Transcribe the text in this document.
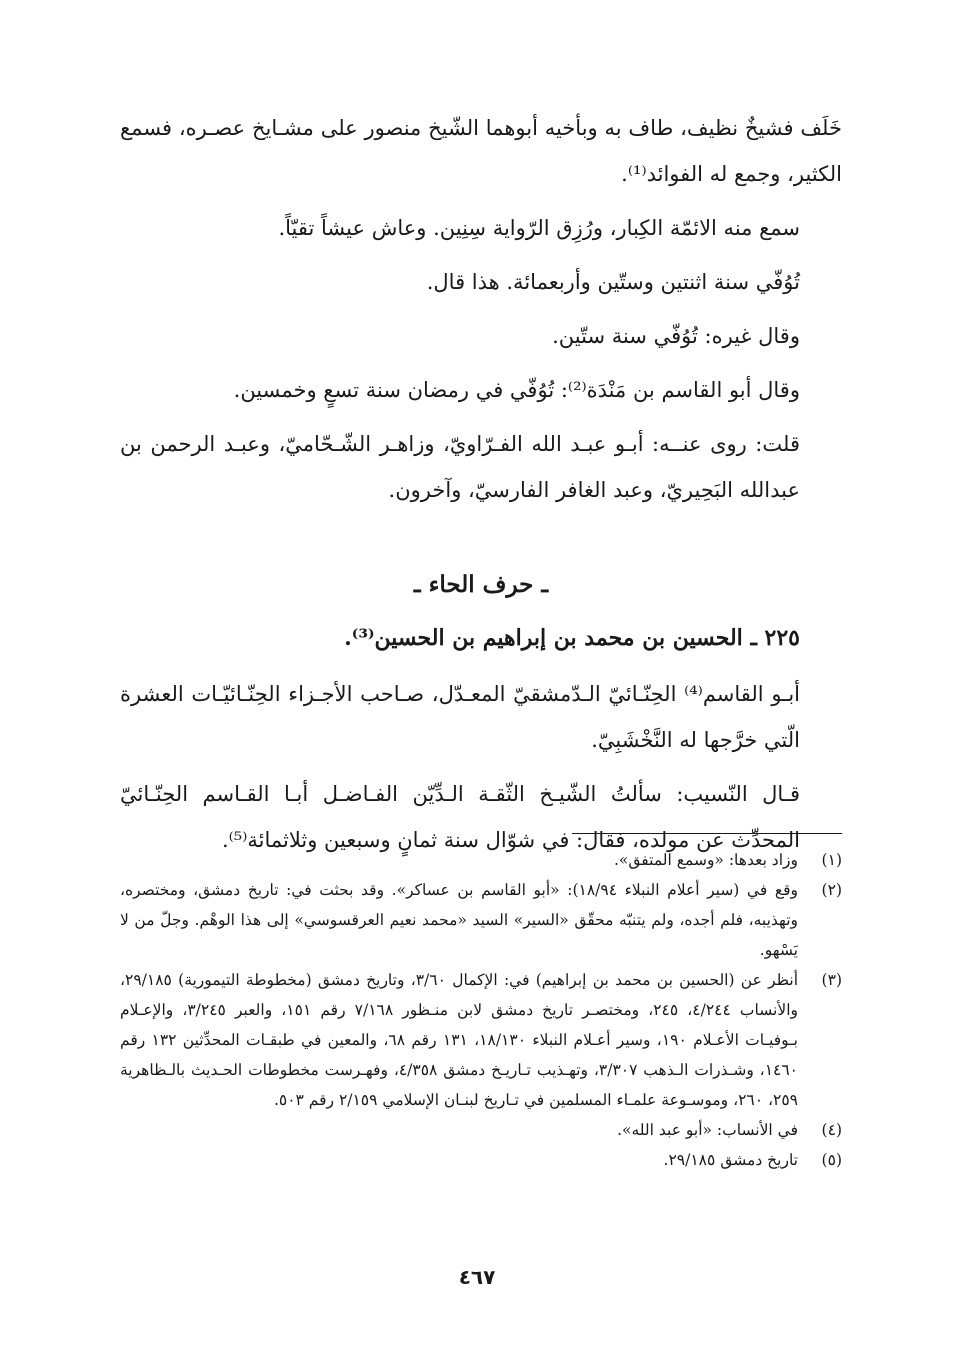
خَلَف فشيخٌ نظيف، طاف به وبأخيه أبوهما الشّيخ منصور على مشـايخ عصـره، فسمع الكثير، وجمع له الفوائد⁽¹⁾.

سمع منه الائمّة الكِبار، ورُزِق الرّواية سِنِين. وعاش عيشاً تقيّاً.

تُوُفّي سنة اثنتين وستّين وأربعمائة. هذا قال.

وقال غيره: تُوُفّي سنة ستّين.

وقال أبو القاسم بن مَنْدَة⁽²⁾: تُوُفّي في رمضان سنة تسعٍ وخمسين.

قلت: روى عنــه: أبـو عبـد الله الفـرّاويّ، وزاهـر الشّـحّاميّ، وعبـد الرحمن بن عبدالله البَحِيريّ، وعبد الغافر الفارسيّ، وآخرون.

ـ حرف الحاء ـ
٢٢٥ ـ الحسين بن محمد بن إبراهيم بن الحسين⁽³⁾.

أبـو القاسم⁽⁴⁾ الحِنّـائيّ الـدّمشقيّ المعـدّل، صـاحب الأجـزاء الحِنّـائيّـات العشرة الّتي خرَّجها له النَّخْشَبِيّ.

قـال النّسيب: سألتُ الشّيـخ الثّقـة الـدِّيّن الفـاضـل أبـا القـاسم الحِنّـائيّ المحدِّث عن مولده، فقال: في شوّال سنة ثمانٍ وسبعين وثلاثمائة⁽⁵⁾.

(١)
وزاد بعدها: «وسمع المتفق».
(٢)
وقع في (سير أعلام النبلاء ١٨/٩٤): «أبو القاسم بن عساكر». وقد بحثت في: تاريخ دمشق، ومختصره، وتهذيبه، فلم أجده، ولم يتنبّه محقّق «السير» السيد «محمد نعيم العرقسوسي» إلى هذا الوهْم. وجلّ من لا يَسْهو.
(٣)
أنظر عن (الحسين بن محمد بن إبراهيم) في: الإكمال ٣/٦٠، وتاريخ دمشق (مخطوطة التيمورية) ٢٩/١٨٥، والأنساب ٤/٢٤٤، ٢٤٥، ومختصـر تاريخ دمشق لابن منـظور ٧/١٦٨ رقم ١٥١، والعبر ٣/٢٤٥، والإعـلام بـوفيـات الأعـلام ١٩٠، وسير أعـلام النبلاء ١٨/١٣٠، ١٣١ رقم ٦٨، والمعين في طبقـات المحدِّثين ١٣٢ رقم ١٤٦٠، وشـذرات الـذهب ٣/٣٠٧، وتهـذيب تـاريـخ دمشق ٤/٣٥٨، وفهـرست مخطوطات الحـديث بالـظاهرية ٢٥٩، ٢٦٠، وموسـوعة علمـاء المسلمين في تـاريخ لبنـان الإسلامي ٢/١٥٩ رقم ٥٠٣.
(٤)
في الأنساب: «أبو عبد الله».
(٥)
تاريخ دمشق ٢٩/١٨٥.
٤٦٧
